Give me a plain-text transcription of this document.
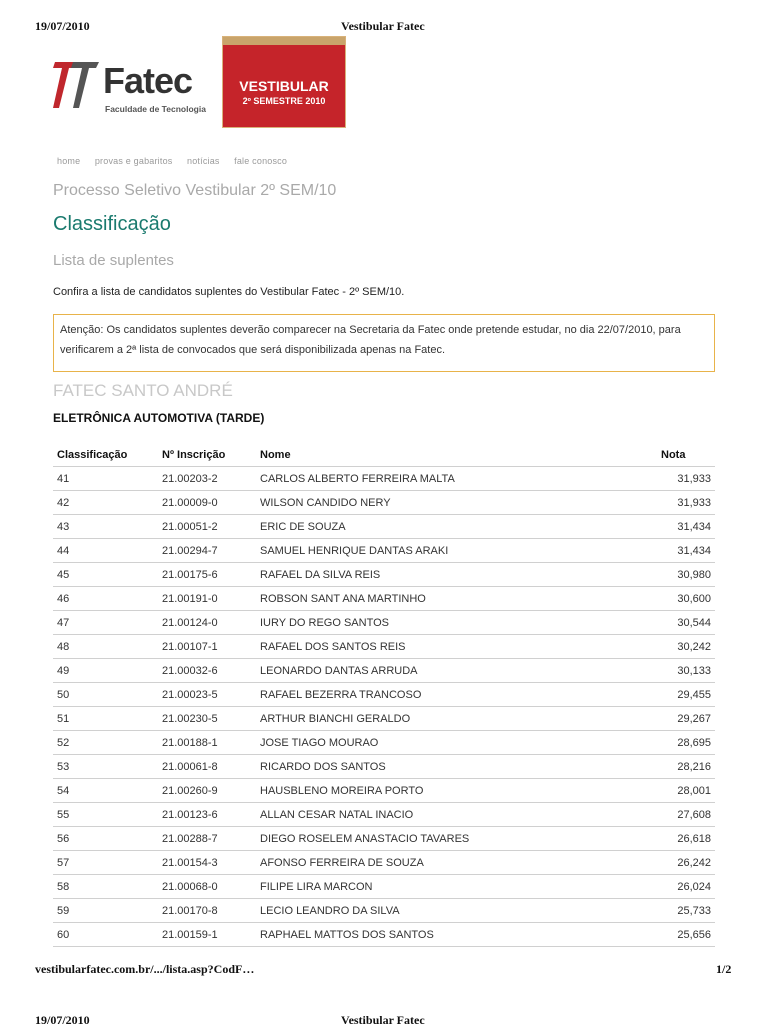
19/07/2010	Vestibular Fatec
Fatec
Faculdade de Tecnologia
VESTIBULAR
2º SEMESTRE 2010
home provas e gabaritos notícias fale conosco
Processo Seletivo Vestibular 2º SEM/10
Classificação
Lista de suplentes
Confira a lista de candidatos suplentes do Vestibular Fatec - 2º SEM/10.
Atenção: Os candidatos suplentes deverão comparecer na Secretaria da Fatec onde pretende estudar, no dia 22/07/2010, para verificarem a 2ª lista de convocados que será disponibilizada apenas na Fatec.
FATEC SANTO ANDRÉ
ELETRÔNICA AUTOMOTIVA (TARDE)
Classificação	Nº Inscrição	Nome	Nota
41	21.00203-2	CARLOS ALBERTO FERREIRA MALTA	31,933
42	21.00009-0	WILSON CANDIDO NERY	31,933
43	21.00051-2	ERIC DE SOUZA	31,434
44	21.00294-7	SAMUEL HENRIQUE DANTAS ARAKI	31,434
45	21.00175-6	RAFAEL DA SILVA REIS	30,980
46	21.00191-0	ROBSON SANT ANA MARTINHO	30,600
47	21.00124-0	IURY DO REGO SANTOS	30,544
48	21.00107-1	RAFAEL DOS SANTOS REIS	30,242
49	21.00032-6	LEONARDO DANTAS ARRUDA	30,133
50	21.00023-5	RAFAEL BEZERRA TRANCOSO	29,455
51	21.00230-5	ARTHUR BIANCHI GERALDO	29,267
52	21.00188-1	JOSE TIAGO MOURAO	28,695
53	21.00061-8	RICARDO DOS SANTOS	28,216
54	21.00260-9	HAUSBLENO MOREIRA PORTO	28,001
55	21.00123-6	ALLAN CESAR NATAL INACIO	27,608
56	21.00288-7	DIEGO ROSELEM ANASTACIO TAVARES	26,618
57	21.00154-3	AFONSO FERREIRA DE SOUZA	26,242
58	21.00068-0	FILIPE LIRA MARCON	26,024
59	21.00170-8	LECIO LEANDRO DA SILVA	25,733
60	21.00159-1	RAPHAEL MATTOS DOS SANTOS	25,656
vestibularfatec.com.br/.../lista.asp?CodF…	1/2
19/07/2010	Vestibular Fatec
